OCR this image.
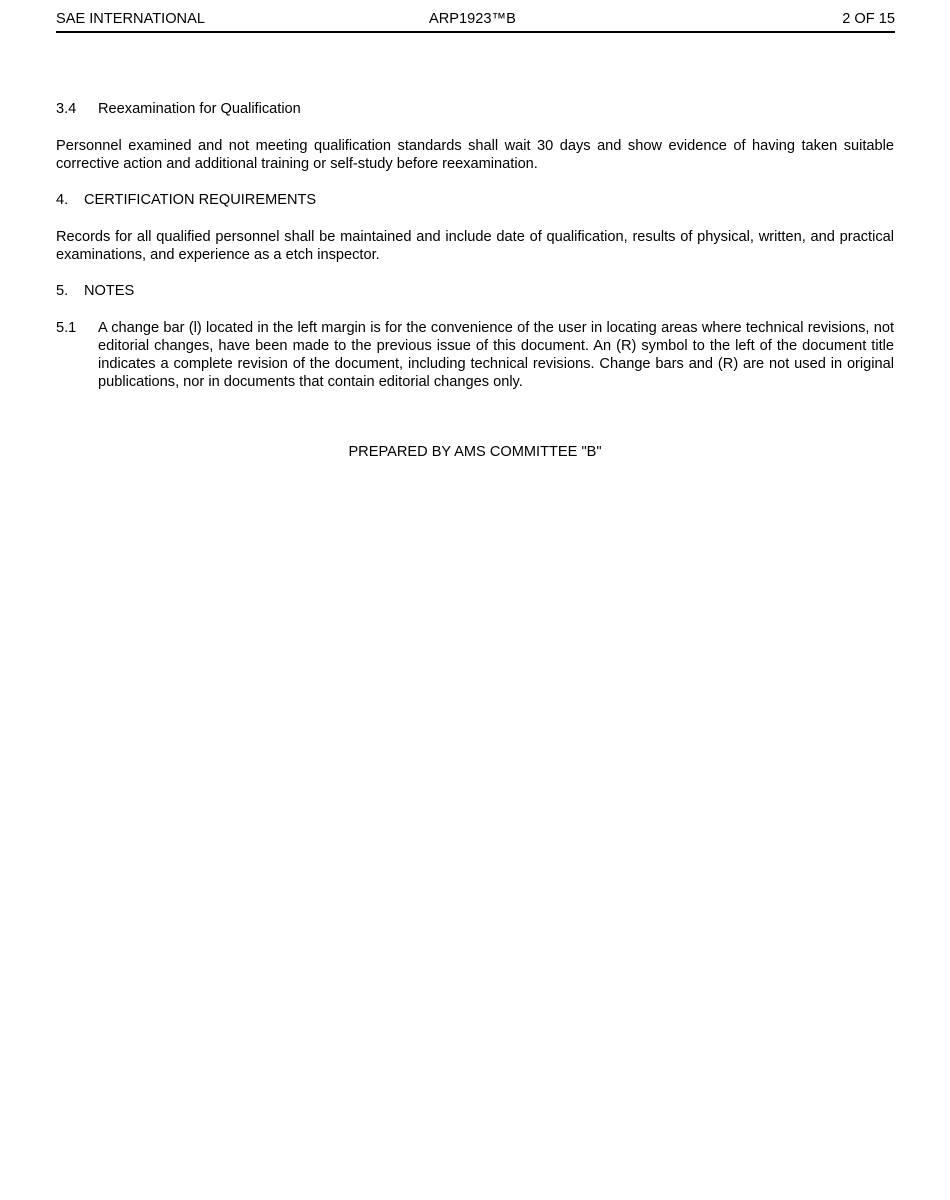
SAE INTERNATIONAL	ARP1923™B	2 OF 15
3.4 Reexamination for Qualification
Personnel examined and not meeting qualification standards shall wait 30 days and show evidence of having taken suitable corrective action and additional training or self-study before reexamination.
4. CERTIFICATION REQUIREMENTS
Records for all qualified personnel shall be maintained and include date of qualification, results of physical, written, and practical examinations, and experience as a etch inspector.
5. NOTES
5.1 A change bar (l) located in the left margin is for the convenience of the user in locating areas where technical revisions, not editorial changes, have been made to the previous issue of this document. An (R) symbol to the left of the document title indicates a complete revision of the document, including technical revisions. Change bars and (R) are not used in original publications, nor in documents that contain editorial changes only.
PREPARED BY AMS COMMITTEE "B"
